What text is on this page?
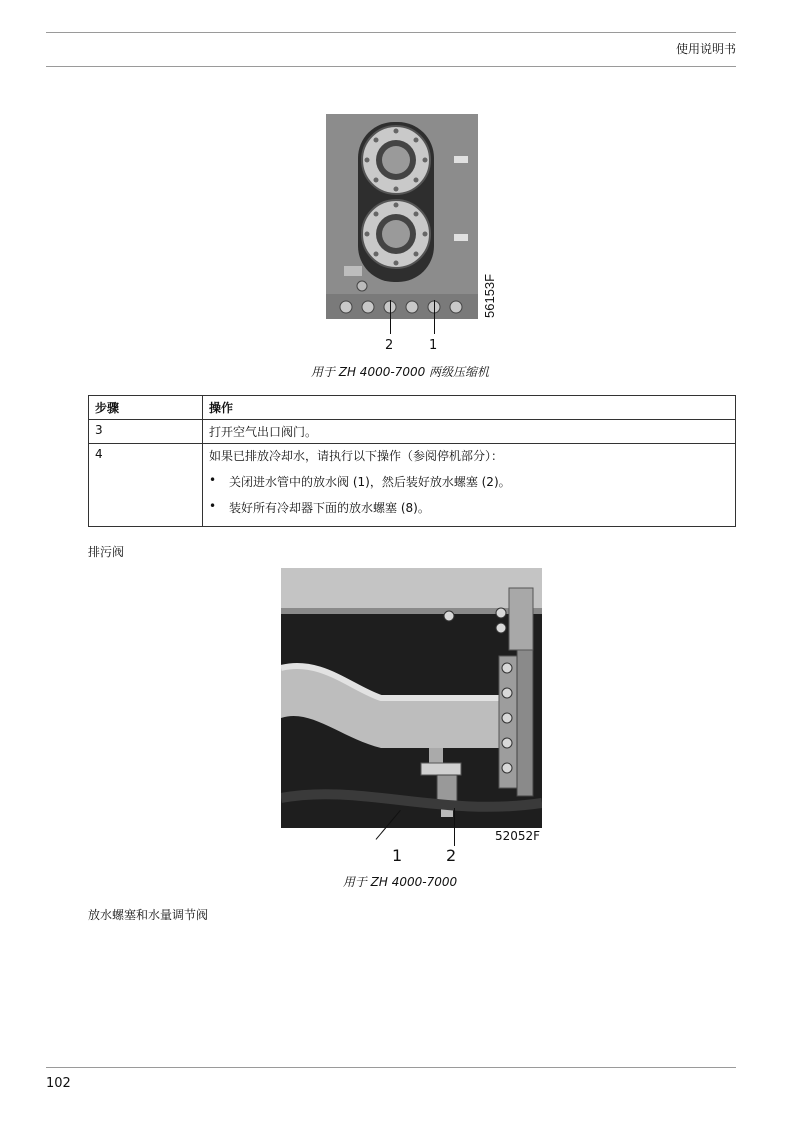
使用说明书
56153F
2	1
用于 ZH 4000-7000 两级压缩机
步骤	操作
3	打开空气出口阀门。
4	如果已排放冷却水，请执行以下操作（参阅停机部分）：
• 关闭进水管中的放水阀 (1)，然后装好放水螺塞 (2)。
• 装好所有冷却器下面的放水螺塞 (8)。
排污阀
52052F
1	2
用于 ZH 4000-7000
放水螺塞和水量调节阀
102
